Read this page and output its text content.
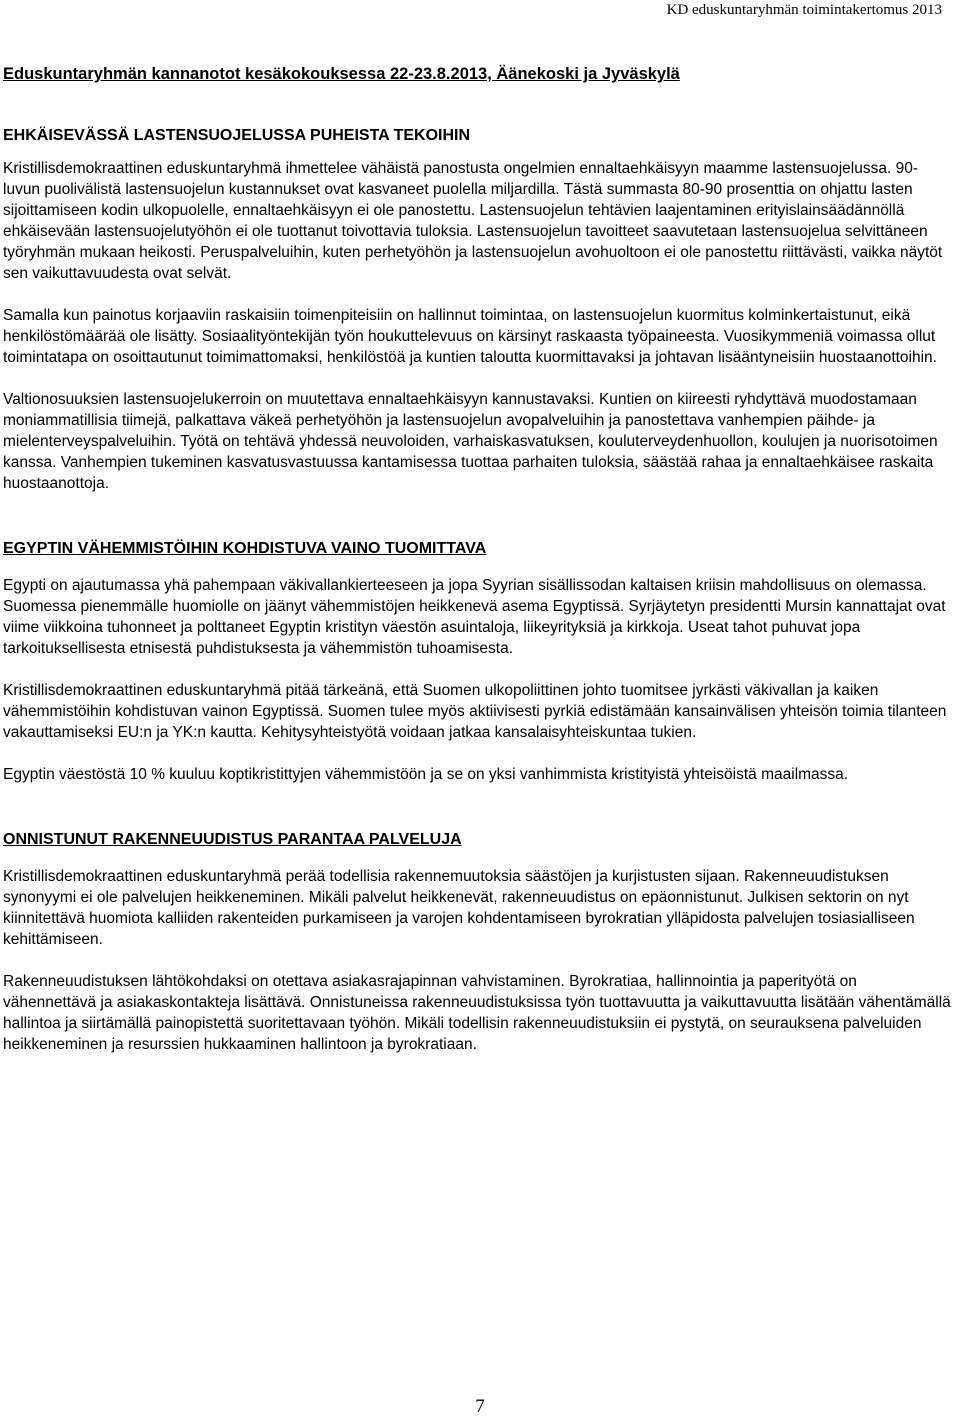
KD eduskuntaryhmän toimintakertomus 2013
Eduskuntaryhmän kannanotot kesäkokouksessa 22-23.8.2013, Äänekoski ja Jyväskylä
EHKÄISEVÄSSÄ LASTENSUOJELUSSA PUHEISTA TEKOIHIN

Kristillisdemokraattinen eduskuntaryhmä ihmettelee vähäistä panostusta ongelmien ennaltaehkäisyyn maamme lastensuojelussa. 90-luvun puolivälistä lastensuojelun kustannukset ovat kasvaneet puolella miljardilla. Tästä summasta 80-90 prosenttia on ohjattu lasten sijoittamiseen kodin ulkopuolelle, ennaltaehkäisyyn ei ole panostettu. Lastensuojelun tehtävien laajentaminen erityislainsäädännöllä ehkäisevään lastensuojelutyöhön ei ole tuottanut toivottavia tuloksia. Lastensuojelun tavoitteet saavutetaan lastensuojelua selvittäneen työryhmän mukaan heikosti. Peruspalveluihin, kuten perhetyöhön ja lastensuojelun avohuoltoon ei ole panostettu riittävästi, vaikka näytöt sen vaikuttavuudesta ovat selvät.

Samalla kun painotus korjaaviin raskaisiin toimenpiteisiin on hallinnut toimintaa, on lastensuojelun kuormitus kolminkertaistunut, eikä henkilöstömäärää ole lisätty. Sosiaalityöntekijän työn houkuttelevuus on kärsinyt raskaasta työpaineesta. Vuosikymmeniä voimassa ollut toimintatapa on osoittautunut toimimattomaksi, henkilöstöä ja kuntien taloutta kuormittavaksi ja johtavan lisääntyneisiin huostaanottoihin.

Valtionosuuksien lastensuojelukerroin on muutettava ennaltaehkäisyyn kannustavaksi. Kuntien on kiireesti ryhdyttävä muodostamaan moniammatillisia tiimejä, palkattava väkeä perhetyöhön ja lastensuojelun avopalveluihin ja panostettava vanhempien päihde- ja mielenterveyspalveluihin. Työtä on tehtävä yhdessä neuvoloiden, varhaiskasvatuksen, kouluterveydenhuollon, koulujen ja nuorisotoimen kanssa. Vanhempien tukeminen kasvatusvastuussa kantamisessa tuottaa parhaiten tuloksia, säästää rahaa ja ennaltaehkäisee raskaita huostaanottoja.

EGYPTIN VÄHEMMISTÖIHIN KOHDISTUVA VAINO TUOMITTAVA

Egypti on ajautumassa yhä pahempaan väkivallankierteeseen ja jopa Syyrian sisällissodan kaltaisen kriisin mahdollisuus on olemassa. Suomessa pienemmälle huomiolle on jäänyt vähemmistöjen heikkenevä asema Egyptissä. Syrjäytetyn presidentti Mursin kannattajat ovat viime viikkoina tuhonneet ja polttaneet Egyptin kristityn väestön asuintaloja, liikeyrityksiä ja kirkkoja. Useat tahot puhuvat jopa tarkoituksellisesta etnisestä puhdistuksesta ja vähemmistön tuhoamisesta.

Kristillisdemokraattinen eduskuntaryhmä pitää tärkeänä, että Suomen ulkopoliittinen johto tuomitsee jyrkästi väkivallan ja kaiken vähemmistöihin kohdistuvan vainon Egyptissä. Suomen tulee myös aktiivisesti pyrkiä edistämään kansainvälisen yhteisön toimia tilanteen vakauttamiseksi EU:n ja YK:n kautta. Kehitysyhteistyötä voidaan jatkaa kansalaisyhteiskuntaa tukien.

Egyptin väestöstä 10 % kuuluu koptikristittyjen vähemmistöön ja se on yksi vanhimmista kristityistä yhteisöistä maailmassa.

ONNISTUNUT RAKENNEUUDISTUS PARANTAA PALVELUJA

Kristillisdemokraattinen eduskuntaryhmä perää todellisia rakennemuutoksia säästöjen ja kurjistusten sijaan. Rakenneuudistuksen synonyymi ei ole palvelujen heikkeneminen. Mikäli palvelut heikkenevät, rakenneuudistus on epäonnistunut. Julkisen sektorin on nyt kiinnitettävä huomiota kalliiden rakenteiden purkamiseen ja varojen kohdentamiseen byrokratian ylläpidosta palvelujen tosiasialliseen kehittämiseen.

Rakenneuudistuksen lähtökohdaksi on otettava asiakasrajapinnan vahvistaminen. Byrokratiaa, hallinnointia ja paperityötä on vähennettävä ja asiakaskontakteja lisättävä. Onnistuneissa rakenneuudistuksissa työn tuottavuutta ja vaikuttavuutta lisätään vähentämällä hallintoa ja siirtämällä painopistettä suoritettavaan työhön. Mikäli todellisin rakenneuudistuksiin ei pystytä, on seurauksena palveluiden heikkeneminen ja resurssien hukkaaminen hallintoon ja byrokratiaan.

7
